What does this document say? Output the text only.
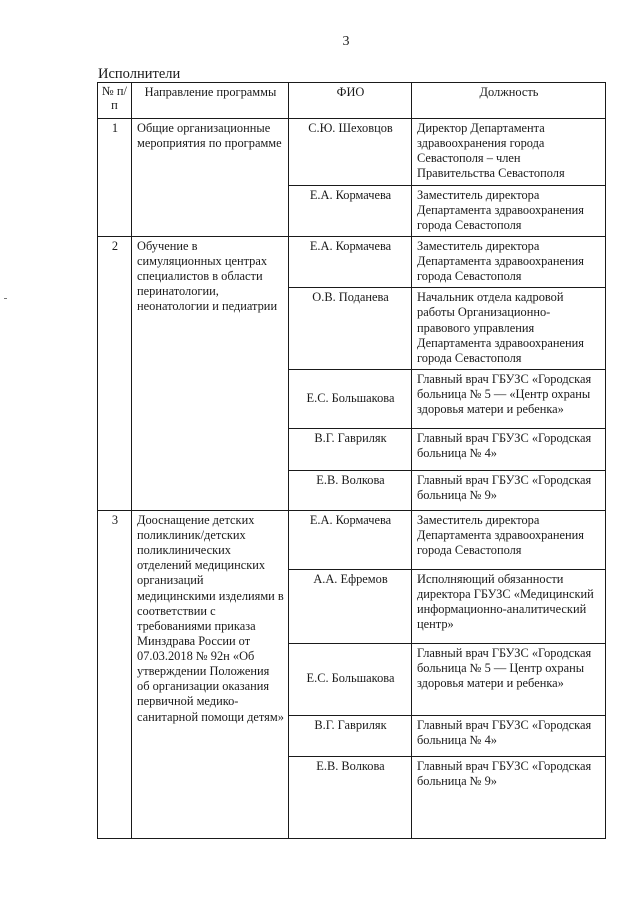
3
Исполнители
№ п/п	Направление программы	ФИО	Должность
1	Общие организационные мероприятия по программе	С.Ю. Шеховцов	Директор Департамента здравоохранения города Севастополя – член Правительства Севастополя
		Е.А. Кормачева	Заместитель директора Департамента здравоохранения города Севастополя
2	Обучение в симуляционных центрах специалистов в области перинатологии, неонатологии и педиатрии	Е.А. Кормачева	Заместитель директора Департамента здравоохранения города Севастополя
		О.В. Поданева	Начальник отдела кадровой работы Организационно-правового управления Департамента здравоохранения города Севастополя
		Е.С. Большакова	Главный врач ГБУЗС «Городская больница № 5 — «Центр охраны здоровья матери и ребенка»
		В.Г. Гавриляк	Главный врач ГБУЗС «Городская больница № 4»
		Е.В. Волкова	Главный врач ГБУЗС «Городская больница № 9»
3	Дооснащение детских поликлиник/детских поликлинических отделений медицинских организаций медицинскими изделиями в соответствии с требованиями приказа Минздрава России от 07.03.2018 № 92н «Об утверждении Положения об организации оказания первичной медико-санитарной помощи детям»	Е.А. Кормачева	Заместитель директора Департамента здравоохранения города Севастополя
		А.А. Ефремов	Исполняющий обязанности директора ГБУЗС «Медицинский информационно-аналитический центр»
		Е.С. Большакова	Главный врач ГБУЗС «Городская больница № 5 — Центр охраны здоровья матери и ребенка»
		В.Г. Гавриляк	Главный врач ГБУЗС «Городская больница № 4»
		Е.В. Волкова	Главный врач ГБУЗС «Городская больница № 9»
